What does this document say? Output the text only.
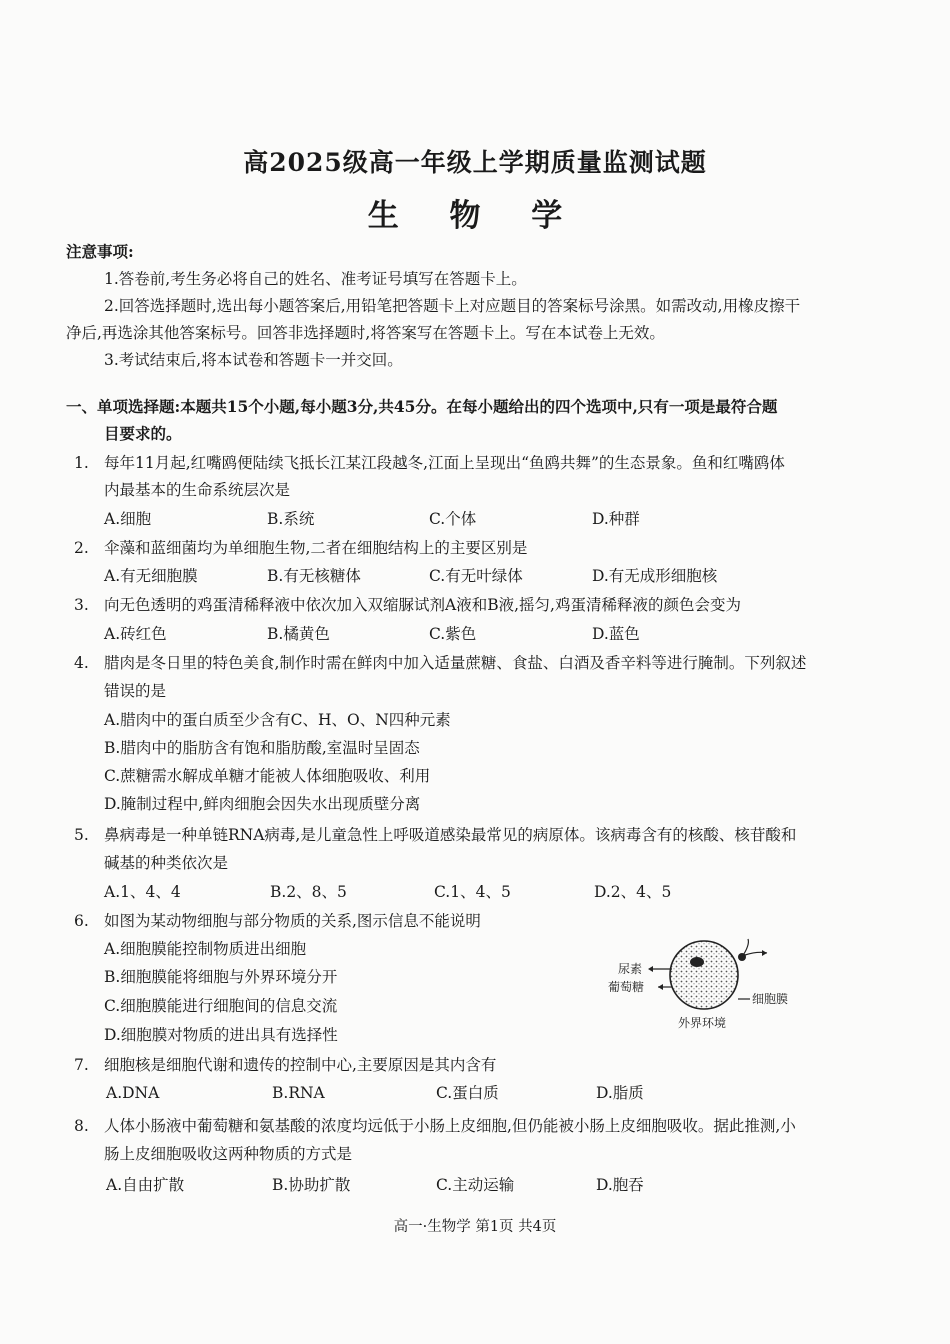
高2025级高一年级上学期质量监测试题
生 物 学
注意事项:
1.答卷前,考生务必将自己的姓名、准考证号填写在答题卡上。
2.回答选择题时,选出每小题答案后,用铅笔把答题卡上对应题目的答案标号涂黑。如需改动,用橡皮擦干
净后,再选涂其他答案标号。回答非选择题时,将答案写在答题卡上。写在本试卷上无效。
3.考试结束后,将本试卷和答题卡一并交回。
一、单项选择题:本题共15个小题,每小题3分,共45分。在每小题给出的四个选项中,只有一项是最符合题
目要求的。
1. 每年11月起,红嘴鸥便陆续飞抵长江某江段越冬,江面上呈现出“鱼鸥共舞”的生态景象。鱼和红嘴鸥体
内最基本的生命系统层次是
A.细胞	B.系统	C.个体	D.种群
2. 伞藻和蓝细菌均为单细胞生物,二者在细胞结构上的主要区别是
A.有无细胞膜	B.有无核糖体	C.有无叶绿体	D.有无成形细胞核
3. 向无色透明的鸡蛋清稀释液中依次加入双缩脲试剂A液和B液,摇匀,鸡蛋清稀释液的颜色会变为
A.砖红色	B.橘黄色	C.紫色	D.蓝色
4. 腊肉是冬日里的特色美食,制作时需在鲜肉中加入适量蔗糖、食盐、白酒及香辛料等进行腌制。下列叙述
错误的是
A.腊肉中的蛋白质至少含有C、H、O、N四种元素
B.腊肉中的脂肪含有饱和脂肪酸,室温时呈固态
C.蔗糖需水解成单糖才能被人体细胞吸收、利用
D.腌制过程中,鲜肉细胞会因失水出现质壁分离
5. 鼻病毒是一种单链RNA病毒,是儿童急性上呼吸道感染最常见的病原体。该病毒含有的核酸、核苷酸和
碱基的种类依次是
A.1、4、4	B.2、8、5	C.1、4、5	D.2、4、5
6. 如图为某动物细胞与部分物质的关系,图示信息不能说明
A.细胞膜能控制物质进出细胞
B.细胞膜能将细胞与外界环境分开
C.细胞膜能进行细胞间的信息交流
D.细胞膜对物质的进出具有选择性
尿素
葡萄糖
细胞膜
外界环境
7. 细胞核是细胞代谢和遗传的控制中心,主要原因是其内含有
A.DNA	B.RNA	C.蛋白质	D.脂质
8. 人体小肠液中葡萄糖和氨基酸的浓度均远低于小肠上皮细胞,但仍能被小肠上皮细胞吸收。据此推测,小
肠上皮细胞吸收这两种物质的方式是
A.自由扩散	B.协助扩散	C.主动运输	D.胞吞
高一·生物学 第1页 共4页
